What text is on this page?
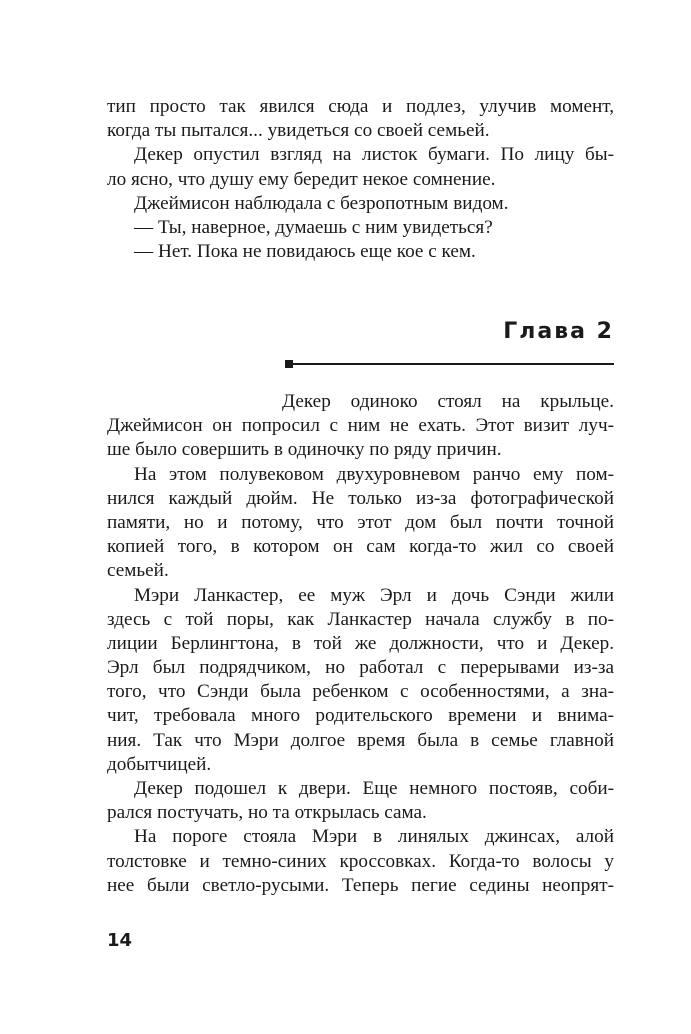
тип просто так явился сюда и подлез, улучив момент,
когда ты пытался... увидеться со своей семьей.
Декер опустил взгляд на листок бумаги. По лицу бы-
ло ясно, что душу ему бередит некое сомнение.
Джеймисон наблюдала с безропотным видом.
— Ты, наверное, думаешь с ним увидеться?
— Нет. Пока не повидаюсь еще кое с кем.
Глава 2
Декер одиноко стоял на крыльце.
Джеймисон он попросил с ним не ехать. Этот визит луч-
ше было совершить в одиночку по ряду причин.
На этом полувековом двухуровневом ранчо ему пом-
нился каждый дюйм. Не только из-за фотографической
памяти, но и потому, что этот дом был почти точной
копией того, в котором он сам когда-то жил со своей
семьей.
Мэри Ланкастер, ее муж Эрл и дочь Сэнди жили
здесь с той поры, как Ланкастер начала службу в по-
лиции Берлингтона, в той же должности, что и Декер.
Эрл был подрядчиком, но работал с перерывами из-за
того, что Сэнди была ребенком с особенностями, а зна-
чит, требовала много родительского времени и внима-
ния. Так что Мэри долгое время была в семье главной
добытчицей.
Декер подошел к двери. Еще немного постояв, соби-
рался постучать, но та открылась сама.
На пороге стояла Мэри в линялых джинсах, алой
толстовке и темно-синих кроссовках. Когда-то волосы у
нее были светло-русыми. Теперь пегие седины неопрят-
14
